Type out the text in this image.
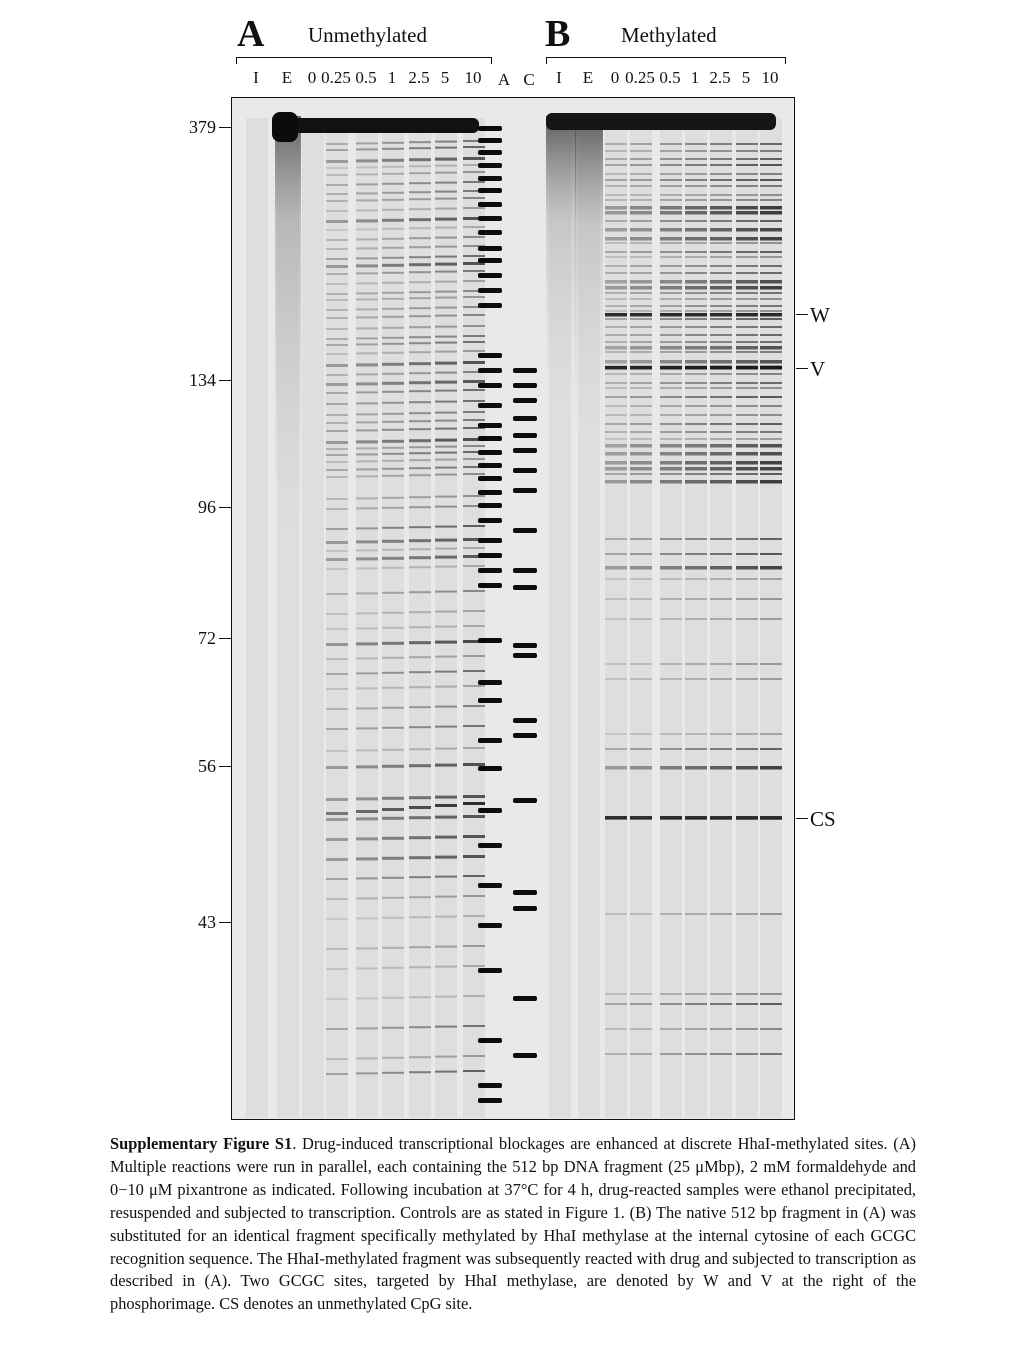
A Unmethylated	B Methylated
I E 0 0.25 0.5 1 2.5 5 10 A C I E 0 0.25 0.5 1 2.5 5 10
379
134
96
72
56
43
W
V
CS
Supplementary Figure S1. Drug-induced transcriptional blockages are enhanced at discrete HhaI-methylated sites. (A) Multiple reactions were run in parallel, each containing the 512 bp DNA fragment (25 μMbp), 2 mM formaldehyde and 0−10 μM pixantrone as indicated. Following incubation at 37°C for 4 h, drug-reacted samples were ethanol precipitated, resuspended and subjected to transcription. Controls are as stated in Figure 1. (B) The native 512 bp fragment in (A) was substituted for an identical fragment specifically methylated by HhaI methylase at the internal cytosine of each GCGC recognition sequence. The HhaI-methylated fragment was subsequently reacted with drug and subjected to transcription as described in (A). Two GCGC sites, targeted by HhaI methylase, are denoted by W and V at the right of the phosphorimage. CS denotes an unmethylated CpG site.
